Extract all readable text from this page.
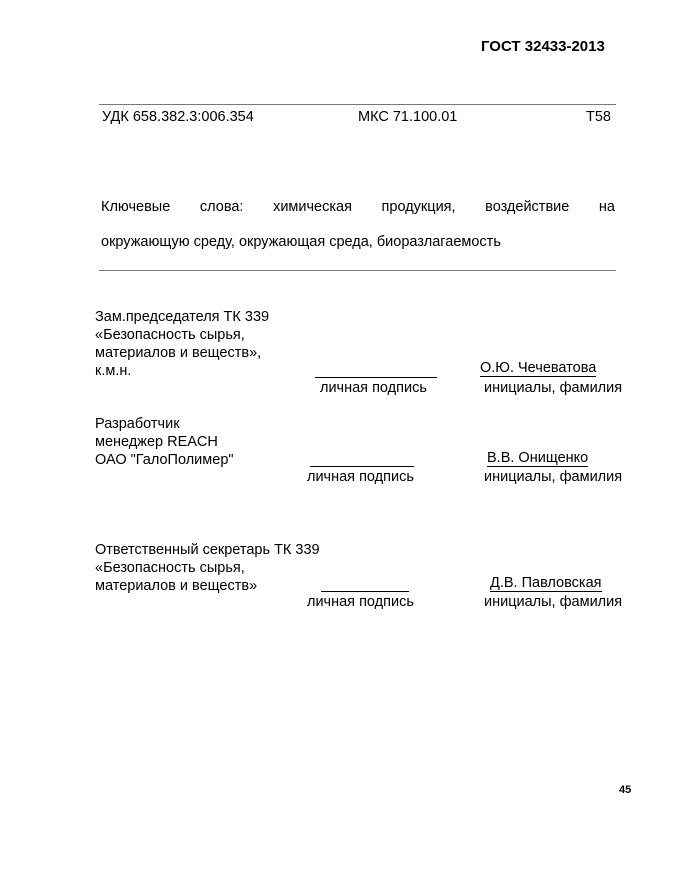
ГОСТ 32433-2013
УДК 658.382.3:006.354	МКС 71.100.01	Т58
Ключевые слова: химическая продукция, воздействие на
окружающую среду, окружающая среда, биоразлагаемость
Зам.председателя ТК 339
«Безопасность сырья,
материалов и веществ»,
к.м.н.
личная подпись
О.Ю. Чечеватова
инициалы, фамилия
Разработчик
менеджер REACH
ОАО "ГалоПолимер"
личная подпись
В.В. Онищенко
инициалы, фамилия
Ответственный секретарь ТК 339
«Безопасность сырья,
материалов и веществ»
личная подпись
Д.В. Павловская
инициалы, фамилия
45
